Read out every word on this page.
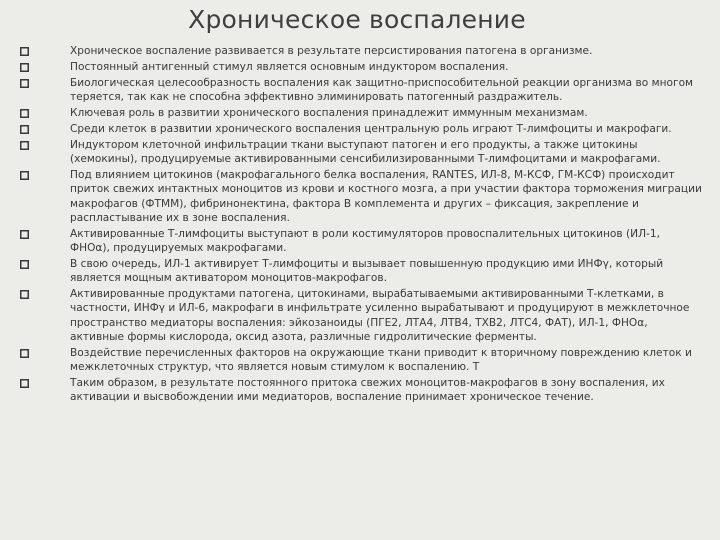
Хроническое воспаление
Хроническое воспаление развивается в результате персистирования патогена в организме.
Постоянный антигенный стимул является основным индуктором воспаления.
Биологическая целесообразность воспаления как защитно-приспособительной реакции организма во многом теряется, так как не способна эффективно элиминировать патогенный раздражитель.
Ключевая роль в развитии хронического воспаления принадлежит иммунным механизмам.
Среди клеток в развитии хронического воспаления центральную роль играют Т-лимфоциты и макрофаги.
Индуктором клеточной инфильтрации ткани выступают патоген и его продукты, а также цитокины (хемокины), продуцируемые активированными сенсибилизированными Т-лимфоцитами и макрофагами.
Под влиянием цитокинов (макрофагального белка воспаления, RANTES, ИЛ-8, М-КСФ, ГМ-КСФ) происходит приток свежих интактных моноцитов из крови и костного мозга, а при участии фактора торможения миграции макрофагов (ФТММ), фибринонектина, фактора В комплемента и других – фиксация, закрепление и распластывание их в зоне воспаления.
Активированные Т-лимфоциты выступают в роли костимуляторов провоспалительных цитокинов (ИЛ-1, ФНОα), продуцируемых макрофагами.
В свою очередь, ИЛ-1 активирует Т-лимфоциты и вызывает повышенную продукцию ими ИНФγ, который является мощным активатором моноцитов-макрофагов.
Активированные продуктами патогена, цитокинами, вырабатываемыми активированными Т-клетками, в частности, ИНФγ и ИЛ-6, макрофаги в инфильтрате усиленно вырабатывают и продуцируют в межклеточное пространство медиаторы воспаления: эйкозаноиды (ПГЕ2, ЛТА4, ЛТВ4, ТХВ2, ЛТС4, ФАТ), ИЛ-1, ФНОα, активные формы кислорода, оксид азота, различные гидролитические ферменты.
Воздействие перечисленных факторов на окружающие ткани приводит к вторичному повреждению клеток и межклеточных структур, что является новым стимулом к воспалению. Т
Таким образом, в результате постоянного притока свежих моноцитов-макрофагов в зону воспаления, их активации и высвобождении ими медиаторов, воспаление принимает хроническое течение.
